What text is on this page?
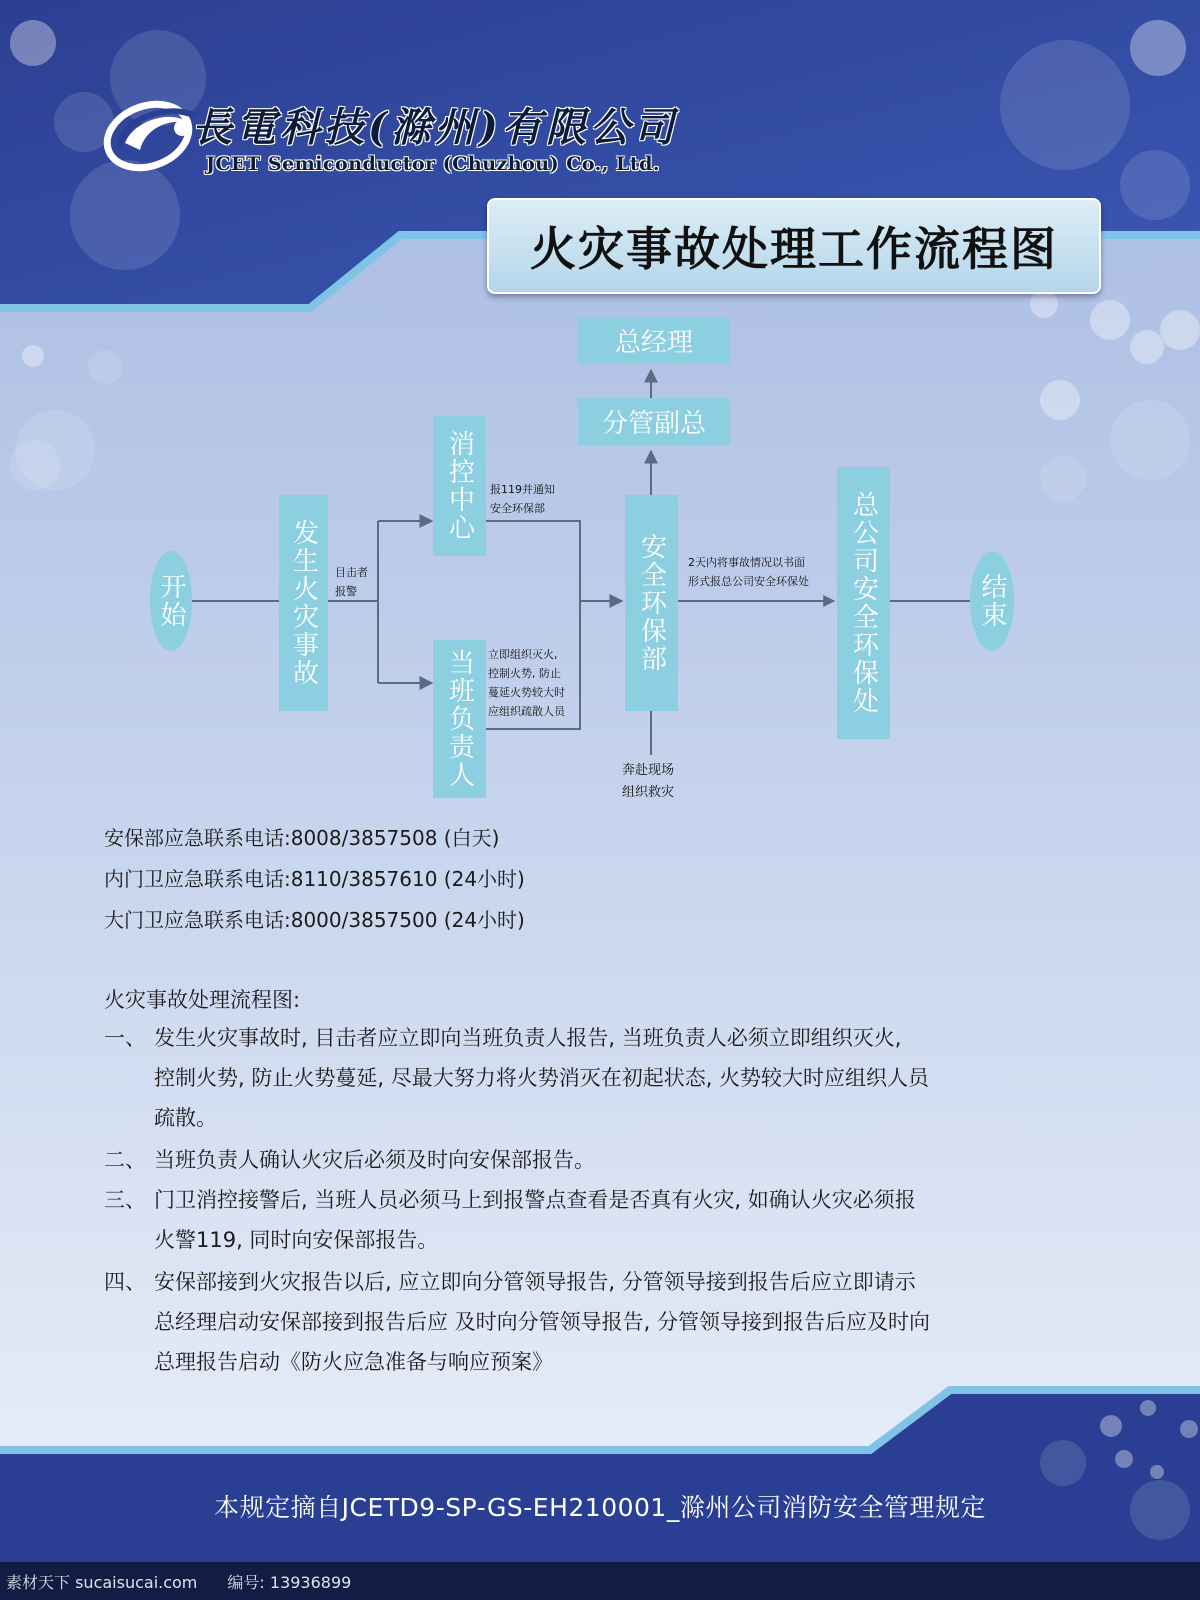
長電科技(滁州)有限公司
JCET Semiconductor (Chuzhou) Co., Ltd.
火灾事故处理工作流程图
开始	发生火灾事故 目击者
报警
消控中心 报119并通知
安全环保部
当班负责人 立即组织灭火,
控制火势, 防止
蔓延火势较大时
应组织疏散人员
安全环保部
分管副总
总经理
奔赴现场
组织救灾
2天内将事故情况以书面
形式报总公司安全环保处 总公司安全环保处	结束
安保部应急联系电话:8008/3857508 (白天)
内门卫应急联系电话:8110/3857610 (24小时)
大门卫应急联系电话:8000/3857500 (24小时)
火灾事故处理流程图:
一、 发生火灾事故时, 目击者应立即向当班负责人报告, 当班负责人必须立即组织灭火,
控制火势, 防止火势蔓延, 尽最大努力将火势消灭在初起状态, 火势较大时应组织人员
疏散。
二、 当班负责人确认火灾后必须及时向安保部报告。
三、 门卫消控接警后, 当班人员必须马上到报警点查看是否真有火灾, 如确认火灾必须报
火警119, 同时向安保部报告。
四、 安保部接到火灾报告以后, 应立即向分管领导报告, 分管领导接到报告后应立即请示
总经理启动安保部接到报告后应 及时向分管领导报告, 分管领导接到报告后应及时向
总理报告启动《防火应急准备与响应预案》
本规定摘自JCETD9-SP-GS-EH210001_滁州公司消防安全管理规定
素材天下 sucaisucai.com 编号: 13936899
